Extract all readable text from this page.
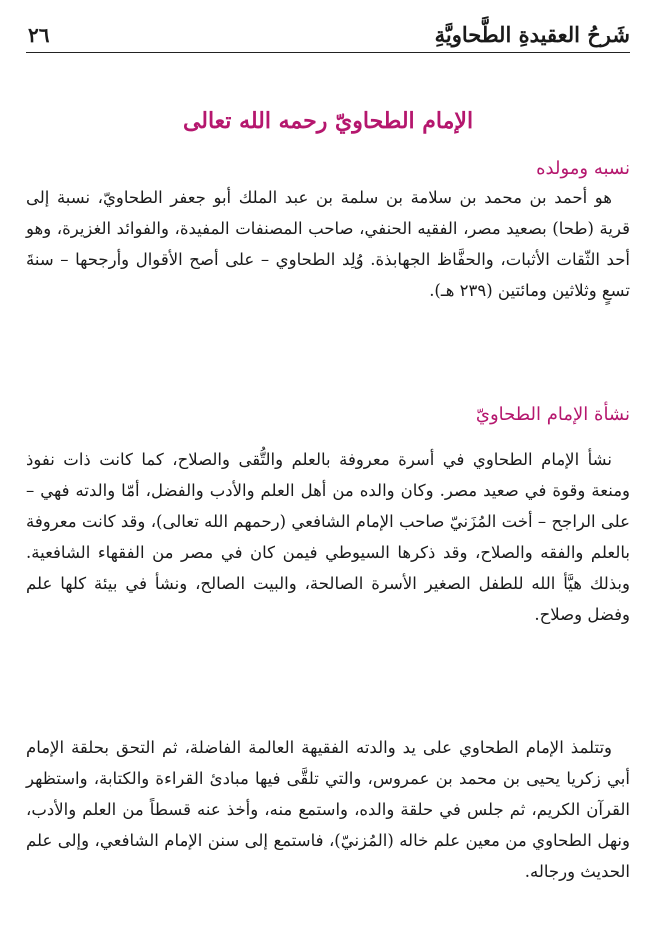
شَرحُ العقيدةِ الطَّحاويَّةِ
٢٦
الإمام الطحاويّ رحمه الله تعالى
نسبه ومولده

هو أحمد بن محمد بن سلامة بن سلمة بن عبد الملك أبو جعفر الطحاويّ، نسبة إلى قرية (طحا) بصعيد مصر، الفقيه الحنفي، صاحب المصنفات المفيدة، والفوائد الغزيرة، وهو أحد الثّقات الأثبات، والحفَّاظ الجهابذة. وُلِد الطحاوي – على أصح الأقوال وأرجحها – سنةَ تسعٍ وثلاثين ومائتين (٢٣٩ هـ).

نشأة الإمام الطحاويّ

نشأ الإمام الطحاوي في أسرة معروفة بالعلم والتُّقى والصلاح، كما كانت ذات نفوذ ومنعة وقوة في صعيد مصر. وكان والده من أهل العلم والأدب والفضل، أمّا والدته فهي – على الراجح – أخت المُزَنيّ صاحب الإمام الشافعي (رحمهم الله تعالى)، وقد كانت معروفة بالعلم والفقه والصلاح، وقد ذكرها السيوطي فيمن كان في مصر من الفقهاء الشافعية. وبذلك هيَّأ الله للطفل الصغير الأسرة الصالحة، والبيت الصالح، ونشأ في بيئة كلها علم وفضل وصلاح.

وتتلمذ الإمام الطحاوي على يد والدته الفقيهة العالمة الفاضلة، ثم التحق بحلقة الإمام أبي زكريا يحيى بن محمد بن عمروس، والتي تلقَّى فيها مبادئ القراءة والكتابة، واستظهر القرآن الكريم، ثم جلس في حلقة والده، واستمع منه، وأخذ عنه قسطاً من العلم والأدب، ونهل الطحاوي من معين علم خاله (المُزنيّ)، فاستمع إلى سنن الإمام الشافعي، وإلى علم الحديث ورجاله.
